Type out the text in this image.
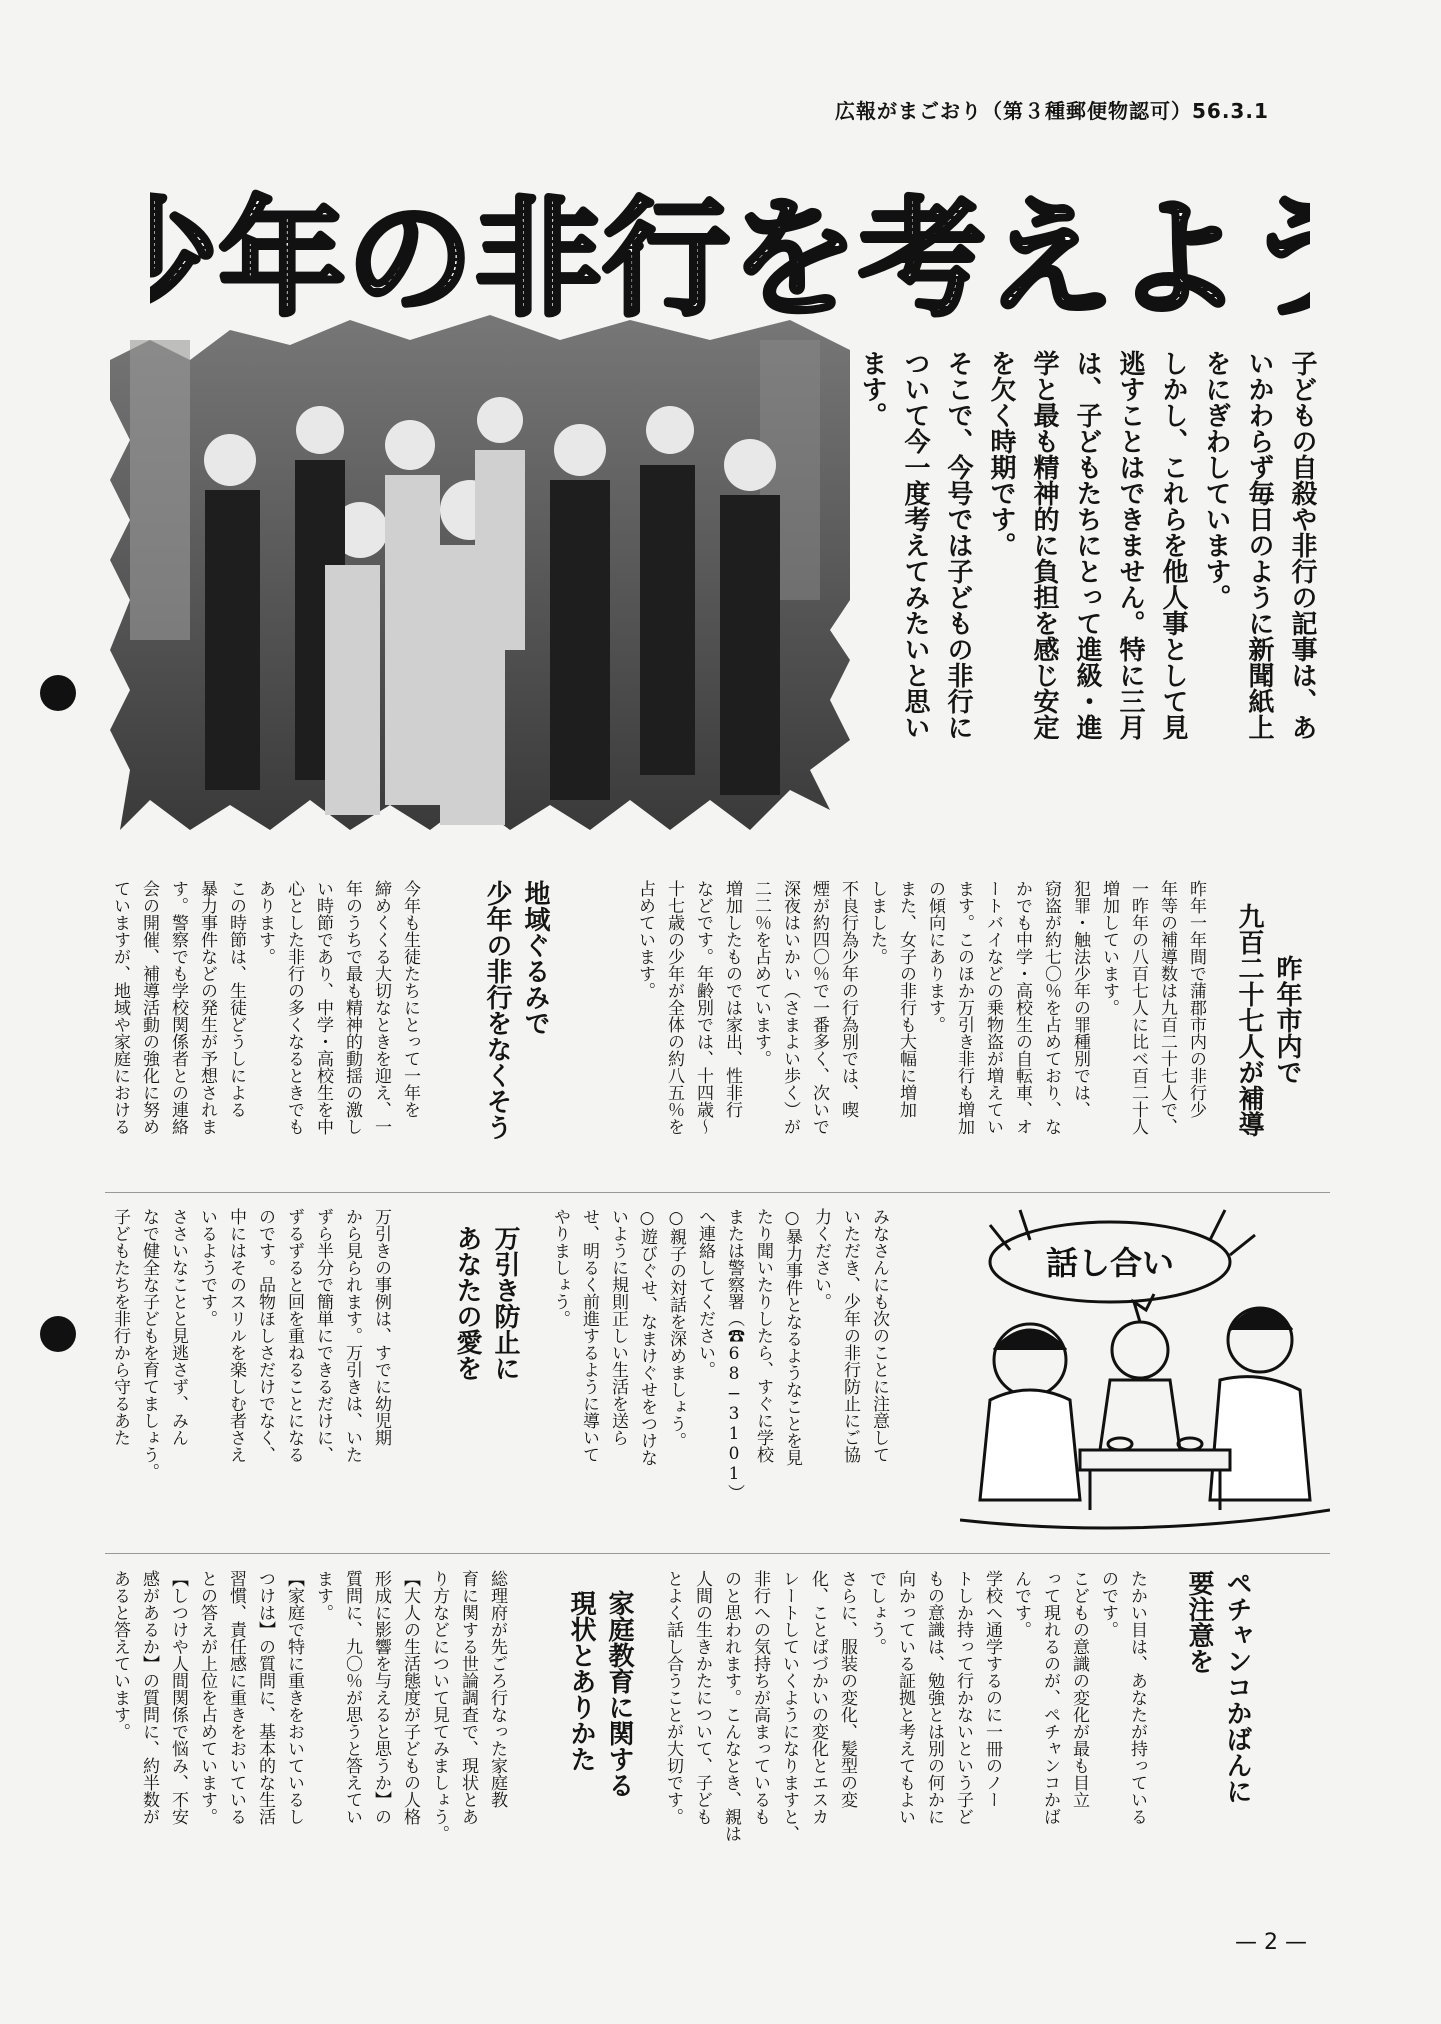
広報がまごおり（第３種郵便物認可）56.3.1
少年の非行を考えよう
子どもの自殺や非行の記事は、あ
いかわらず毎日のように新聞紙上
をにぎわしています。
しかし、これらを他人事として見
逃すことはできません。特に三月
は、子どもたちにとって進級・進
学と最も精神的に負担を感じ安定
を欠く時期です。
そこで、今号では子どもの非行に
ついて今一度考えてみたいと思い
ます。
昨年市内で
九百二十七人が補導
昨年一年間で蒲郡市内の非行少
年等の補導数は九百二十七人で、
一昨年の八百七人に比べ百二十人
増加しています。
犯罪・触法少年の罪種別では、
窃盗が約七〇％を占めており、な
かでも中学・高校生の自転車、オ
ートバイなどの乗物盗が増えてい
ます。このほか万引き非行も増加
の傾向にあります。
また、女子の非行も大幅に増加
しました。
不良行為少年の行為別では、喫
煙が約四〇％で一番多く、次いで
深夜はいかい（さまよい歩く）が
二二％を占めています。
増加したものでは家出、性非行
などです。年齢別では、十四歳〜
十七歳の少年が全体の約八五％を
占めています。
地域ぐるみで
少年の非行をなくそう
今年も生徒たちにとって一年を
締めくくる大切なときを迎え、一
年のうちで最も精神的動揺の激し
い時節であり、中学・高校生を中
心とした非行の多くなるときでも
あります。
この時節は、生徒どうしによる
暴力事件などの発生が予想されま
す。警察でも学校関係者との連絡
会の開催、補導活動の強化に努め
ていますが、地域や家庭における
みなさんにも次のことに注意して
いただき、少年の非行防止にご協
力ください。
○暴力事件となるようなことを見
たり聞いたりしたら、すぐに学校
または警察署（☎68−3101）
へ連絡してください。
○親子の対話を深めましょう。
○遊びぐせ、なまけぐせをつけな
いように規則正しい生活を送ら
せ、明るく前進するように導いて
やりましょう。
万引き防止に
あなたの愛を
万引きの事例は、すでに幼児期
から見られます。万引きは、いた
ずら半分で簡単にできるだけに、
ずるずると回を重ねることになる
のです。品物ほしさだけでなく、
中にはそのスリルを楽しむ者さえ
いるようです。
ささいなことと見逃さず、みん
なで健全な子どもを育てましょう。
子どもたちを非行から守るあた	話し合い
ペチャンコかばんに
要注意を
たかい目は、あなたが持っている
のです。
こどもの意識の変化が最も目立
って現れるのが、ペチャンコかば
んです。
学校へ通学するのに一冊のノー
トしか持って行かないという子ど
もの意識は、勉強とは別の何かに
向かっている証拠と考えてもよい
でしょう。
さらに、服装の変化、髪型の変
化、ことばづかいの変化とエスカ
レートしていくようになりますと、
非行への気持ちが高まっているも
のと思われます。こんなとき、親は
人間の生きかたについて、子ども
とよく話し合うことが大切です。
家庭教育に関する
現状とありかた
総理府が先ごろ行なった家庭教
育に関する世論調査で、現状とあ
り方などについて見てみましょう。
【大人の生活態度が子どもの人格
形成に影響を与えると思うか】の
質問に、九〇％が思うと答えてい
ます。
【家庭で特に重きをおいているし
つけは】の質問に、基本的な生活
習慣、責任感に重きをおいている
との答えが上位を占めています。
【しつけや人間関係で悩み、不安
感があるか】の質問に、約半数が
あると答えています。
— 2 —
